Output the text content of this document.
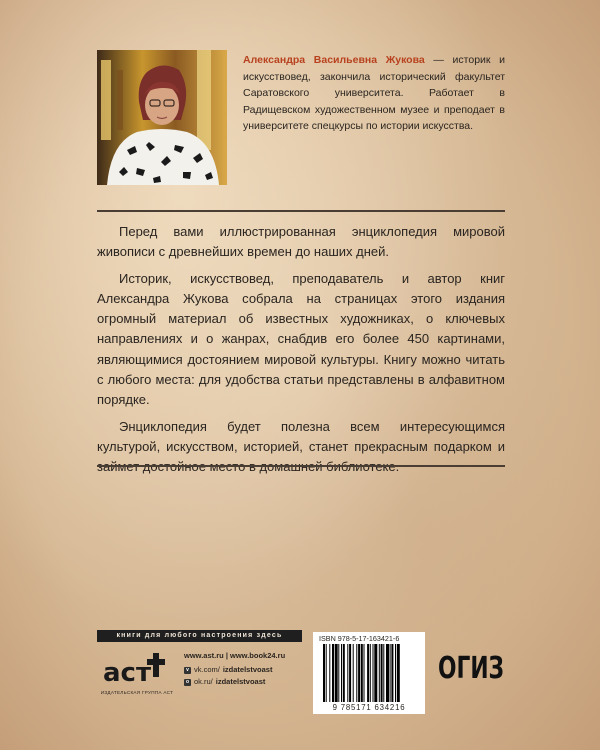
Александра Васильевна Жукова — историк и искусствовед, закончила исторический факультет Саратовского университета. Работает в Радищевском художественном музее и преподает в университете спецкурсы по истории искусства.

Перед вами иллюстрированная энциклопедия мировой живописи с древнейших времен до наших дней.

Историк, искусствовед, преподаватель и автор книг Александра Жукова собрала на страницах этого издания огромный материал об известных художниках, о ключевых направлениях и о жанрах, снабдив его более 450 картинами, являющимися достоянием мировой культуры. Книгу можно читать с любого места: для удобства статьи представлены в алфавитном порядке.

Энциклопедия будет полезна всем интересующимся культурой, искусством, историей, станет прекрасным подарком и

книги для любого настроения здесь
аст
ИЗДАТЕЛЬСКАЯ ГРУППА АСТ
www.ast.ru | www.book24.ru
v vk.com/ izdatelstvoast
o ok.ru/ izdatelstvoast
ISBN 978-5-17-163421-6
9 785171 634216
ОГИЗ
